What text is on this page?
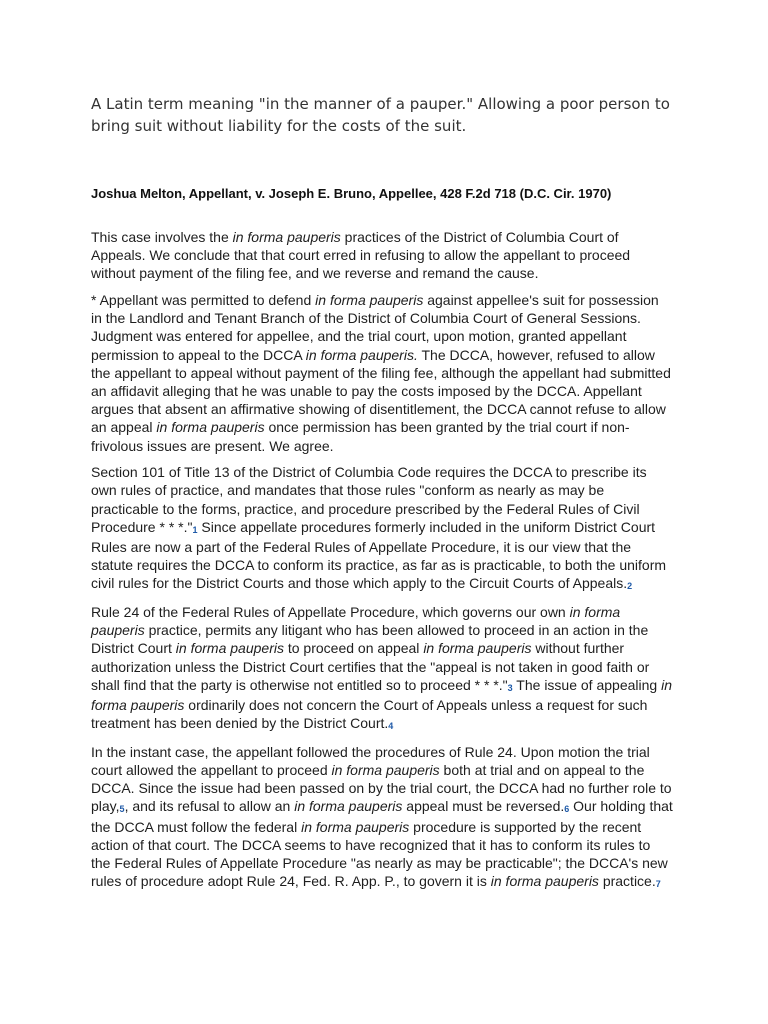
A Latin term meaning "in the manner of a pauper." Allowing a poor person to bring suit without liability for the costs of the suit.

Joshua Melton, Appellant, v. Joseph E. Bruno, Appellee, 428 F.2d 718 (D.C. Cir. 1970)

This case involves the in forma pauperis practices of the District of Columbia Court of Appeals. We conclude that that court erred in refusing to allow the appellant to proceed without payment of the filing fee, and we reverse and remand the cause.

* Appellant was permitted to defend in forma pauperis against appellee's suit for possession in the Landlord and Tenant Branch of the District of Columbia Court of General Sessions. Judgment was entered for appellee, and the trial court, upon motion, granted appellant permission to appeal to the DCCA in forma pauperis. The DCCA, however, refused to allow the appellant to appeal without payment of the filing fee, although the appellant had submitted an affidavit alleging that he was unable to pay the costs imposed by the DCCA. Appellant argues that absent an affirmative showing of disentitlement, the DCCA cannot refuse to allow an appeal in forma pauperis once permission has been granted by the trial court if non-frivolous issues are present. We agree.

Section 101 of Title 13 of the District of Columbia Code requires the DCCA to prescribe its own rules of practice, and mandates that those rules "conform as nearly as may be practicable to the forms, practice, and procedure prescribed by the Federal Rules of Civil Procedure * * *."1 Since appellate procedures formerly included in the uniform District Court Rules are now a part of the Federal Rules of Appellate Procedure, it is our view that the statute requires the DCCA to conform its practice, as far as is practicable, to both the uniform civil rules for the District Courts and those which apply to the Circuit Courts of Appeals.2

Rule 24 of the Federal Rules of Appellate Procedure, which governs our own in forma pauperis practice, permits any litigant who has been allowed to proceed in an action in the District Court in forma pauperis to proceed on appeal in forma pauperis without further authorization unless the District Court certifies that the "appeal is not taken in good faith or shall find that the party is otherwise not entitled so to proceed * * *."3 The issue of appealing in forma pauperis ordinarily does not concern the Court of Appeals unless a request for such treatment has been denied by the District Court.4

In the instant case, the appellant followed the procedures of Rule 24. Upon motion the trial court allowed the appellant to proceed in forma pauperis both at trial and on appeal to the DCCA. Since the issue had been passed on by the trial court, the DCCA had no further role to play,5, and its refusal to allow an in forma pauperis appeal must be reversed.6 Our holding that the DCCA must follow the federal in forma pauperis procedure is supported by the recent action of that court. The DCCA seems to have recognized that it has to conform its rules to the Federal Rules of Appellate Procedure "as nearly as may be practicable"; the DCCA's new rules of procedure adopt Rule 24, Fed. R. App. P., to govern it is in forma pauperis practice.7
